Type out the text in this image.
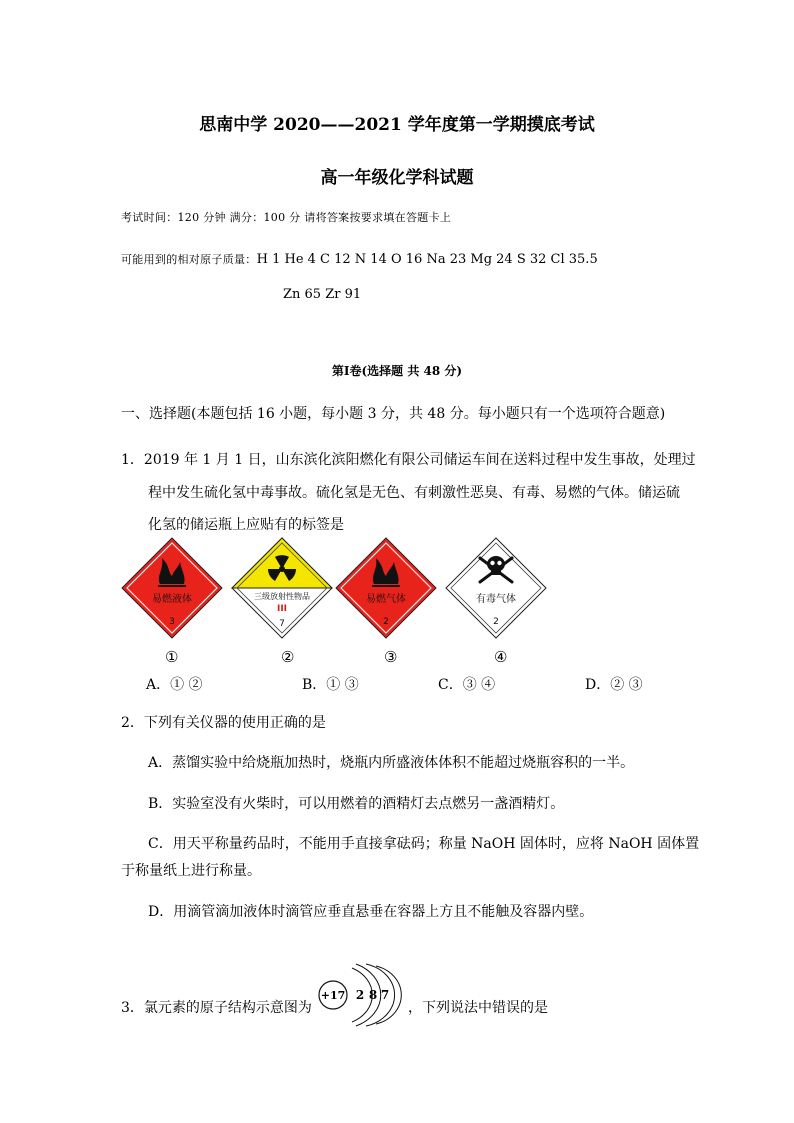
思南中学 2020——2021 学年度第一学期摸底考试
高一年级化学科试题
考试时间：120 分钟 满分：100 分 请将答案按要求填在答题卡上
可能用到的相对原子质量：H 1 He 4 C 12 N 14 O 16 Na 23 Mg 24 S 32 Cl 35.5
Zn 65 Zr 91
第Ⅰ卷(选择题 共 48 分)
一、选择题(本题包括 16 小题，每小题 3 分，共 48 分。每小题只有一个选项符合题意)
1．2019 年 1 月 1 日，山东滨化滨阳燃化有限公司储运车间在送料过程中发生事故，处理过
程中发生硫化氢中毒事故。硫化氢是无色、有刺激性恶臭、有毒、易燃的气体。储运硫
化氢的储运瓶上应贴有的标签是
易燃液体
3
三级放射性物品
III
7
易燃气体
2
有毒气体
2
①	②	③	④
A．① ②	B．① ③	C．③ ④	D．② ③
2．下列有关仪器的使用正确的是
A．蒸馏实验中给烧瓶加热时，烧瓶内所盛液体体积不能超过烧瓶容积的一半。
B．实验室没有火柴时，可以用燃着的酒精灯去点燃另一盏酒精灯。
C．用天平称量药品时，不能用手直接拿砝码；称量 NaOH 固体时，应将 NaOH 固体置
于称量纸上进行称量。
D．用滴管滴加液体时滴管应垂直悬垂在容器上方且不能触及容器内壁。
3．氯元素的原子结构示意图为
+17 2 8 7
，下列说法中错误的是
